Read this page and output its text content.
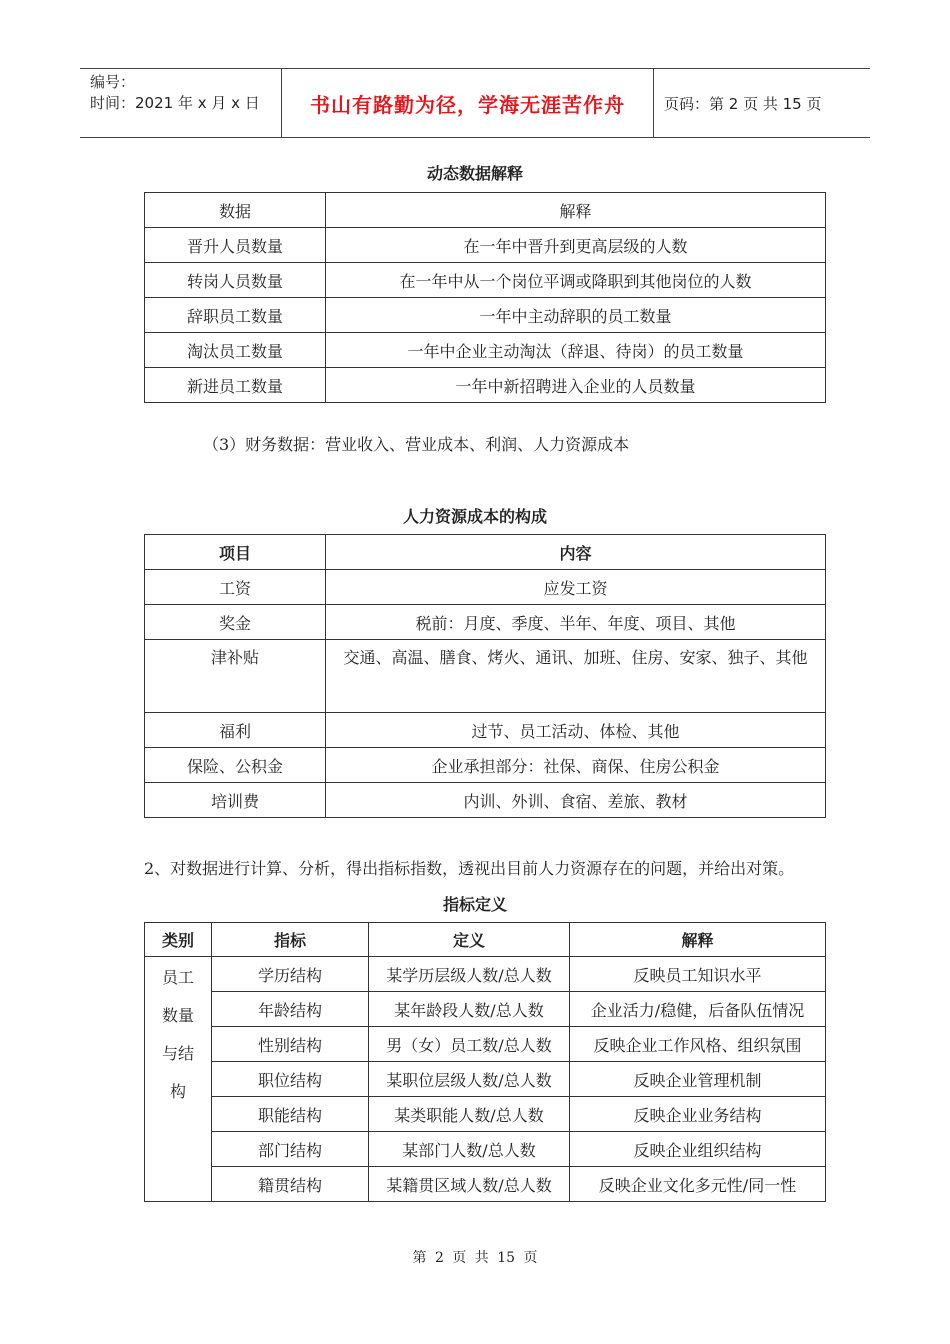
编号：
时间：2021 年 x 月 x 日	书山有路勤为径，学海无涯苦作舟	页码：第 2 页 共 15 页
动态数据解释
数据	解释
晋升人员数量	在一年中晋升到更高层级的人数
转岗人员数量	在一年中从一个岗位平调或降职到其他岗位的人数
辞职员工数量	一年中主动辞职的员工数量
淘汰员工数量	一年中企业主动淘汰（辞退、待岗）的员工数量
新进员工数量	一年中新招聘进入企业的人员数量
（3）财务数据：营业收入、营业成本、利润、人力资源成本
人力资源成本的构成
项目	内容
工资	应发工资
奖金	税前：月度、季度、半年、年度、项目、其他
津补贴	交通、高温、膳食、烤火、通讯、加班、住房、安家、独子、其他
福利	过节、员工活动、体检、其他
保险、公积金	企业承担部分：社保、商保、住房公积金
培训费	内训、外训、食宿、差旅、教材
2、对数据进行计算、分析，得出指标指数，透视出目前人力资源存在的问题，并给出对策。
指标定义
类别	指标	定义	解释
员工数量与结构	学历结构	某学历层级人数/总人数	反映员工知识水平
	年龄结构	某年龄段人数/总人数	企业活力/稳健，后备队伍情况
	性别结构	男（女）员工数/总人数	反映企业工作风格、组织氛围
	职位结构	某职位层级人数/总人数	反映企业管理机制
	职能结构	某类职能人数/总人数	反映企业业务结构
	部门结构	某部门人数/总人数	反映企业组织结构
	籍贯结构	某籍贯区域人数/总人数	反映企业文化多元性/同一性
第 2 页 共 15 页
